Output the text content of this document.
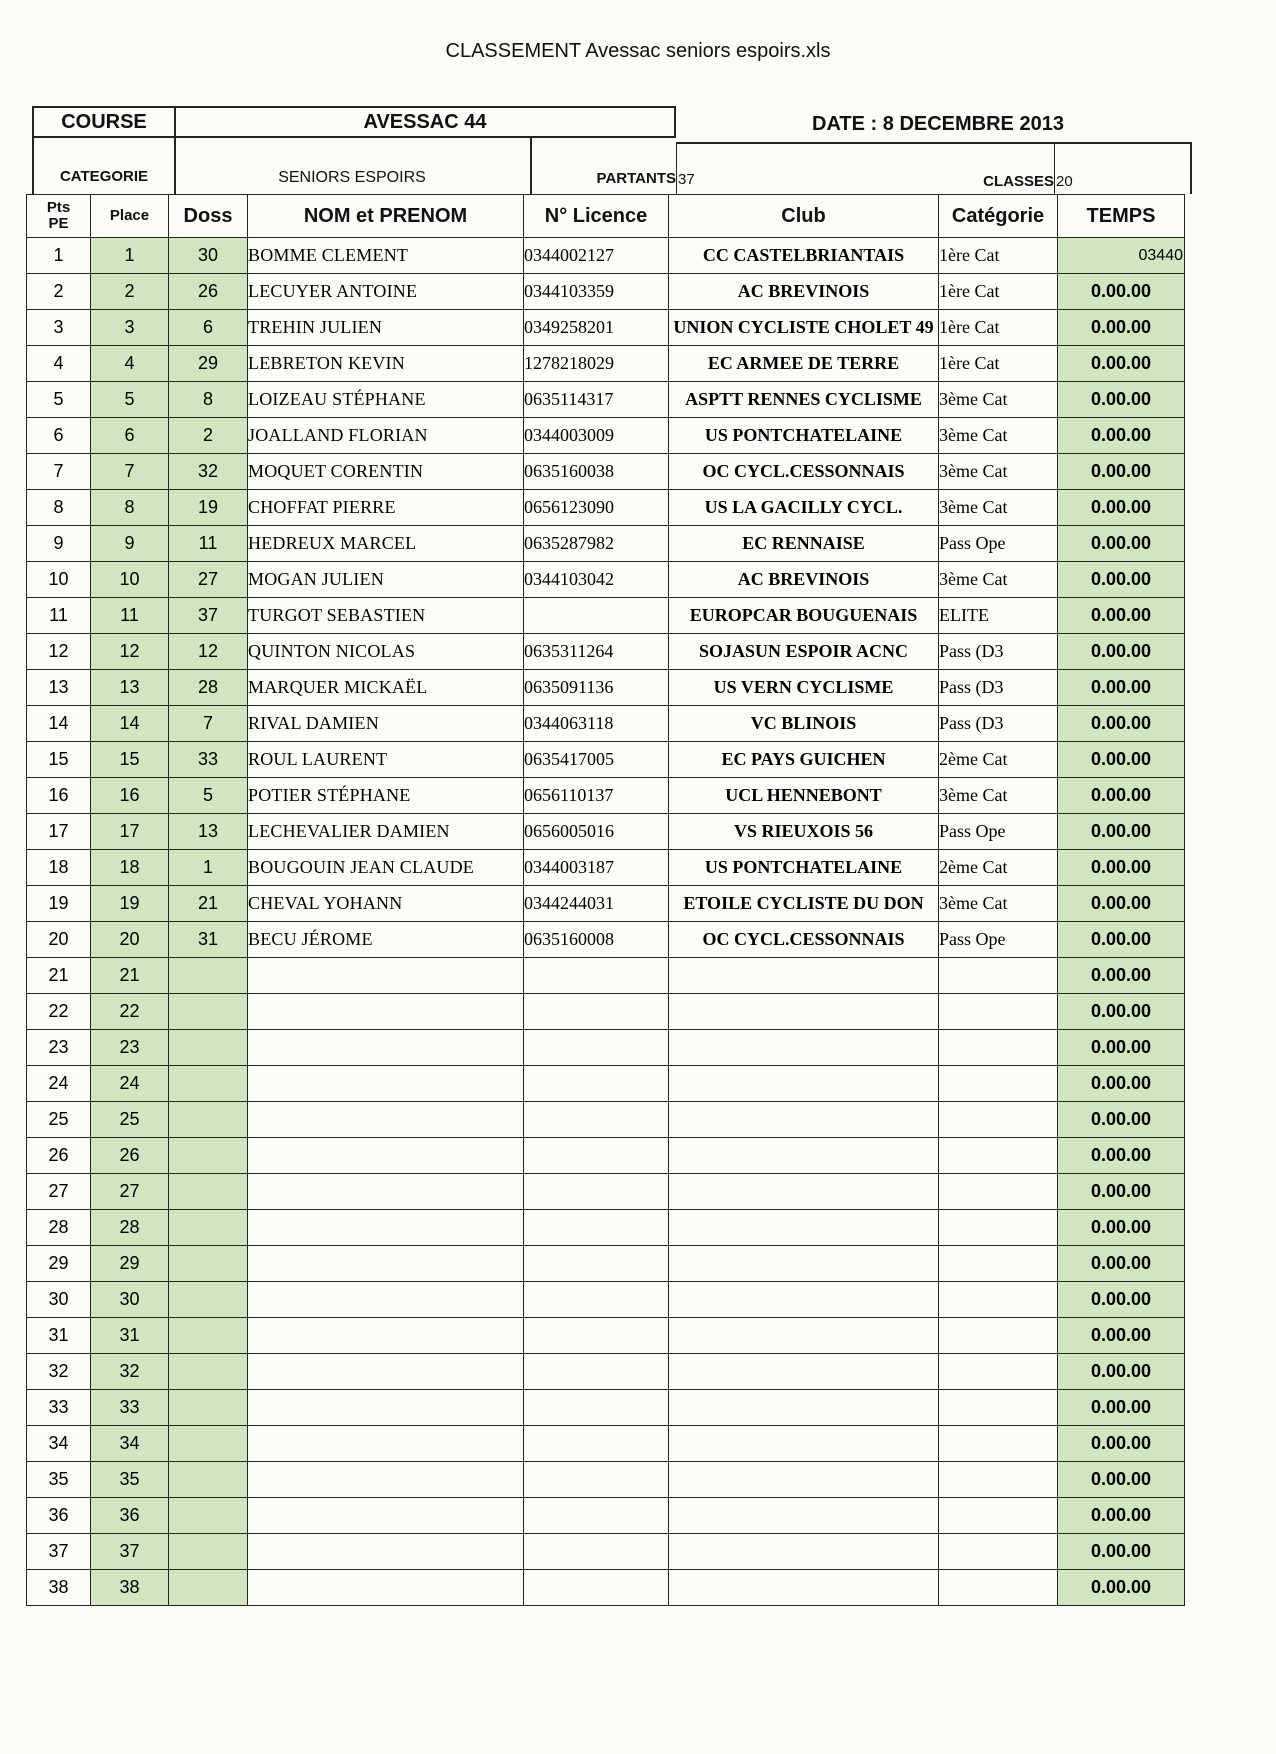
CLASSEMENT Avessac seniors espoirs.xls
COURSE	AVESSAC 44	DATE : 8 DECEMBRE 2013
CATEGORIE	SENIORS ESPOIRS	PARTANTS 37	CLASSES 20
Pts PE	Place	Doss	NOM et PRENOM	N° Licence	Club	Catégorie	TEMPS
1	1	30	BOMME CLEMENT	0344002127	CC CASTELBRIANTAIS	1ère Cat	03440
2	2	26	LECUYER ANTOINE	0344103359	AC BREVINOIS	1ère Cat	0.00.00
3	3	6	TREHIN JULIEN	0349258201	UNION CYCLISTE CHOLET 49	1ère Cat	0.00.00
4	4	29	LEBRETON KEVIN	1278218029	EC ARMEE DE TERRE	1ère Cat	0.00.00
5	5	8	LOIZEAU STÉPHANE	0635114317	ASPTT RENNES CYCLISME	3ème Cat	0.00.00
6	6	2	JOALLAND FLORIAN	0344003009	US PONTCHATELAINE	3ème Cat	0.00.00
7	7	32	MOQUET CORENTIN	0635160038	OC CYCL.CESSONNAIS	3ème Cat	0.00.00
8	8	19	CHOFFAT PIERRE	0656123090	US LA GACILLY CYCL.	3ème Cat	0.00.00
9	9	11	HEDREUX MARCEL	0635287982	EC RENNAISE	Pass Ope	0.00.00
10	10	27	MOGAN JULIEN	0344103042	AC BREVINOIS	3ème Cat	0.00.00
11	11	37	TURGOT SEBASTIEN		EUROPCAR BOUGUENAIS	ELITE	0.00.00
12	12	12	QUINTON NICOLAS	0635311264	SOJASUN ESPOIR ACNC	Pass (D3	0.00.00
13	13	28	MARQUER MICKAËL	0635091136	US VERN CYCLISME	Pass (D3	0.00.00
14	14	7	RIVAL DAMIEN	0344063118	VC BLINOIS	Pass (D3	0.00.00
15	15	33	ROUL LAURENT	0635417005	EC PAYS GUICHEN	2ème Cat	0.00.00
16	16	5	POTIER STÉPHANE	0656110137	UCL HENNEBONT	3ème Cat	0.00.00
17	17	13	LECHEVALIER DAMIEN	0656005016	VS RIEUXOIS 56	Pass Ope	0.00.00
18	18	1	BOUGOUIN JEAN CLAUDE	0344003187	US PONTCHATELAINE	2ème Cat	0.00.00
19	19	21	CHEVAL YOHANN	0344244031	ETOILE CYCLISTE DU DON	3ème Cat	0.00.00
20	20	31	BECU JÉROME	0635160008	OC CYCL.CESSONNAIS	Pass Ope	0.00.00
21	21						0.00.00
22	22						0.00.00
23	23						0.00.00
24	24						0.00.00
25	25						0.00.00
26	26						0.00.00
27	27						0.00.00
28	28						0.00.00
29	29						0.00.00
30	30						0.00.00
31	31						0.00.00
32	32						0.00.00
33	33						0.00.00
34	34						0.00.00
35	35						0.00.00
36	36						0.00.00
37	37						0.00.00
38	38						0.00.00
